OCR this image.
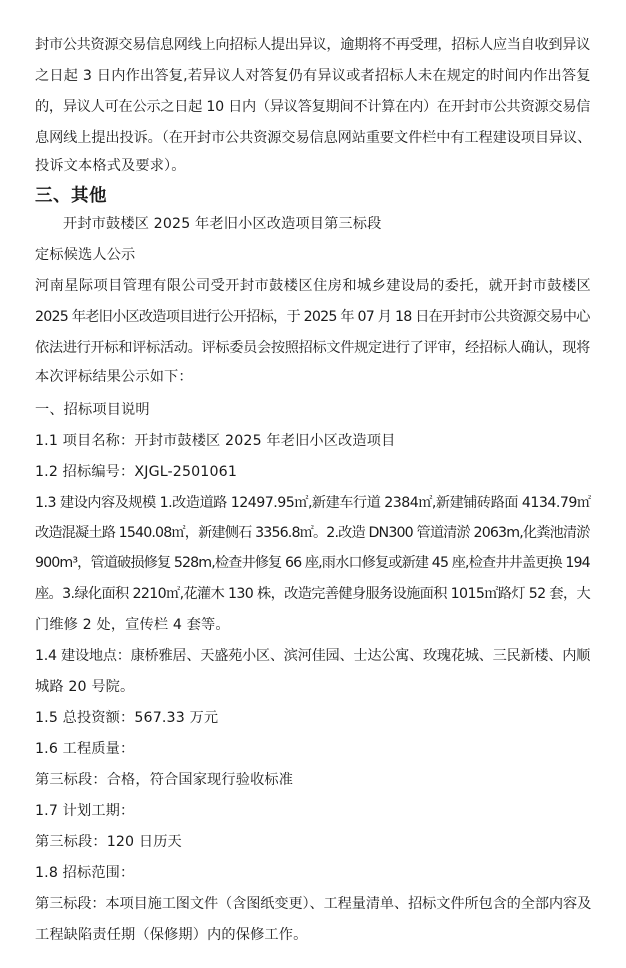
封市公共资源交易信息网线上向招标人提出异议，逾期将不再受理，招标人应当自收到异议
之日起 3 日内作出答复,若异议人对答复仍有异议或者招标人未在规定的时间内作出答复
的，异议人可在公示之日起 10 日内（异议答复期间不计算在内）在开封市公共资源交易信
息网线上提出投诉。（在开封市公共资源交易信息网站重要文件栏中有工程建设项目异议、
投诉文本格式及要求）。
三、其他
开封市鼓楼区 2025 年老旧小区改造项目第三标段
定标候选人公示
河南星际项目管理有限公司受开封市鼓楼区住房和城乡建设局的委托，就开封市鼓楼区
2025 年老旧小区改造项目进行公开招标，于 2025 年 07 月 18 日在开封市公共资源交易中心
依法进行开标和评标活动。评标委员会按照招标文件规定进行了评审，经招标人确认，现将
本次评标结果公示如下：
一、招标项目说明
1.1 项目名称：开封市鼓楼区 2025 年老旧小区改造项目
1.2 招标编号：XJGL-2501061
1.3 建设内容及规模 1.改造道路 12497.95㎡,新建车行道 2384㎡,新建铺砖路面 4134.79㎡
改造混凝土路 1540.08㎡，新建侧石 3356.8㎡。2.改造 DN300 管道清淤 2063m,化粪池清淤
900m³，管道破损修复 528m,检查井修复 66 座,雨水口修复或新建 45 座,检查井井盖更换 194
座。3.绿化面积 2210㎡,花灌木 130 株，改造完善健身服务设施面积 1015㎡路灯 52 套，大
门维修 2 处，宣传栏 4 套等。
1.4 建设地点：康桥雅居、天盛苑小区、滨河佳园、士达公寓、玫瑰花城、三民新楼、内顺
城路 20 号院。
1.5 总投资额：567.33 万元
1.6 工程质量：
第三标段：合格，符合国家现行验收标准
1.7 计划工期：
第三标段：120 日历天
1.8 招标范围：
第三标段：本项目施工图文件（含图纸变更）、工程量清单、招标文件所包含的全部内容及
工程缺陷责任期（保修期）内的保修工作。
